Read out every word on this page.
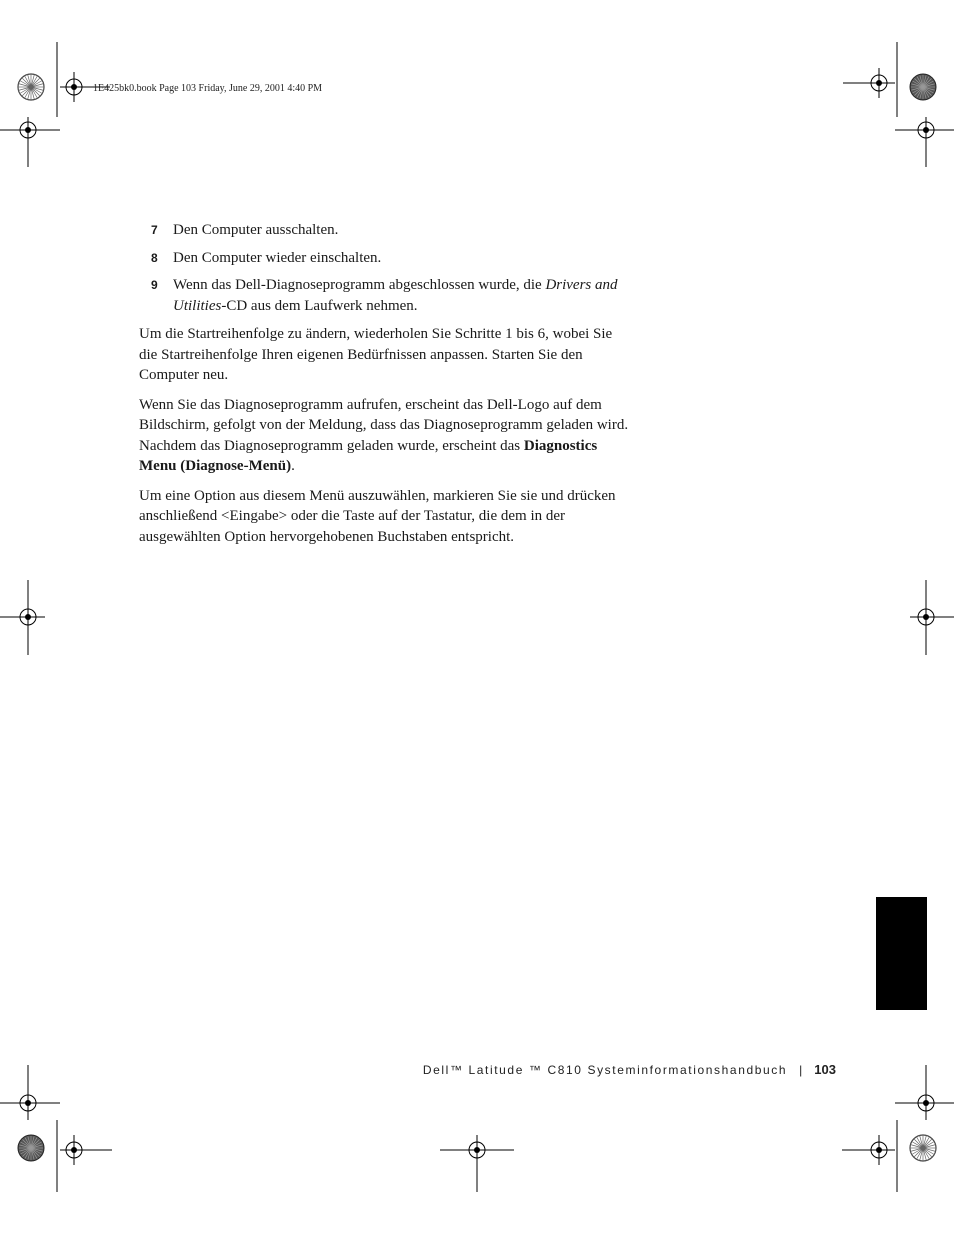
1E425bk0.book Page 103 Friday, June 29, 2001 4:40 PM
7	Den Computer ausschalten.
8	Den Computer wieder einschalten.
9	Wenn das Dell-Diagnoseprogramm abgeschlossen wurde, die Drivers and Utilities-CD aus dem Laufwerk nehmen.

Um die Startreihenfolge zu ändern, wiederholen Sie Schritte 1 bis 6, wobei Sie die Startreihenfolge Ihren eigenen Bedürfnissen anpassen. Starten Sie den Computer neu.

Wenn Sie das Diagnoseprogramm aufrufen, erscheint das Dell-Logo auf dem Bildschirm, gefolgt von der Meldung, dass das Diagnoseprogramm geladen wird. Nachdem das Diagnoseprogramm geladen wurde, erscheint das Diagnostics Menu (Diagnose-Menü).

Um eine Option aus diesem Menü auszuwählen, markieren Sie sie und drücken anschließend <Eingabe> oder die Taste auf der Tastatur, die dem in der ausgewählten Option hervorgehobenen Buchstaben entspricht.

Dell™ Latitude ™ C810 Systeminformationshandbuch | 103
